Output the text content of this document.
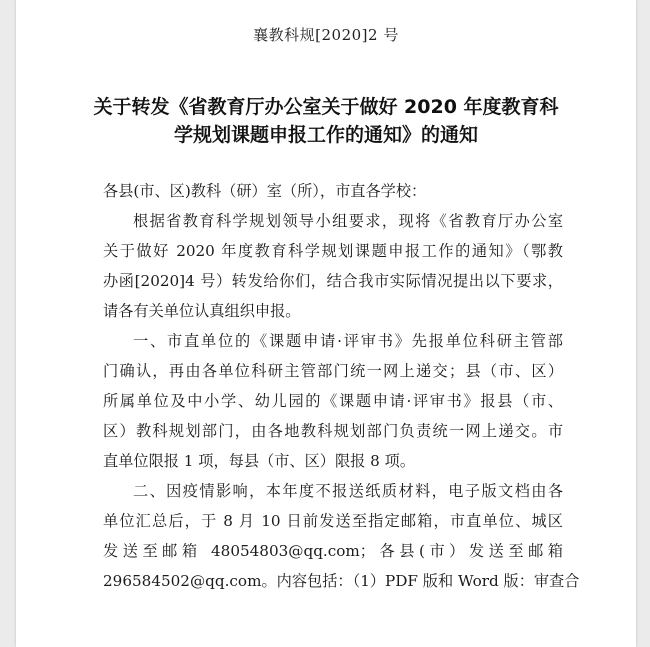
襄教科规[2020]2 号
关于转发《省教育厅办公室关于做好 2020 年度教育科
学规划课题申报工作的通知》的通知
各县(市、区)教科（研）室（所），市直各学校：
根据省教育科学规划领导小组要求，现将《省教育厅办公室
关于做好 2020 年度教育科学规划课题申报工作的通知》（鄂教
办函[2020]4 号）转发给你们，结合我市实际情况提出以下要求，
请各有关单位认真组织申报。
一、市直单位的《课题申请·评审书》先报单位科研主管部
门确认，再由各单位科研主管部门统一网上递交；县（市、区）
所属单位及中小学、幼儿园的《课题申请·评审书》报县（市、
区）教科规划部门，由各地教科规划部门负责统一网上递交。市
直单位限报 1 项，每县（市、区）限报 8 项。
二、因疫情影响，本年度不报送纸质材料，电子版文档由各
单位汇总后，于 8 月 10 日前发送至指定邮箱，市直单位、城区
发送至邮箱 48054803@qq.com；各县(市）发送至邮箱
296584502@qq.com。内容包括：（1）PDF 版和 Word 版：审查合
